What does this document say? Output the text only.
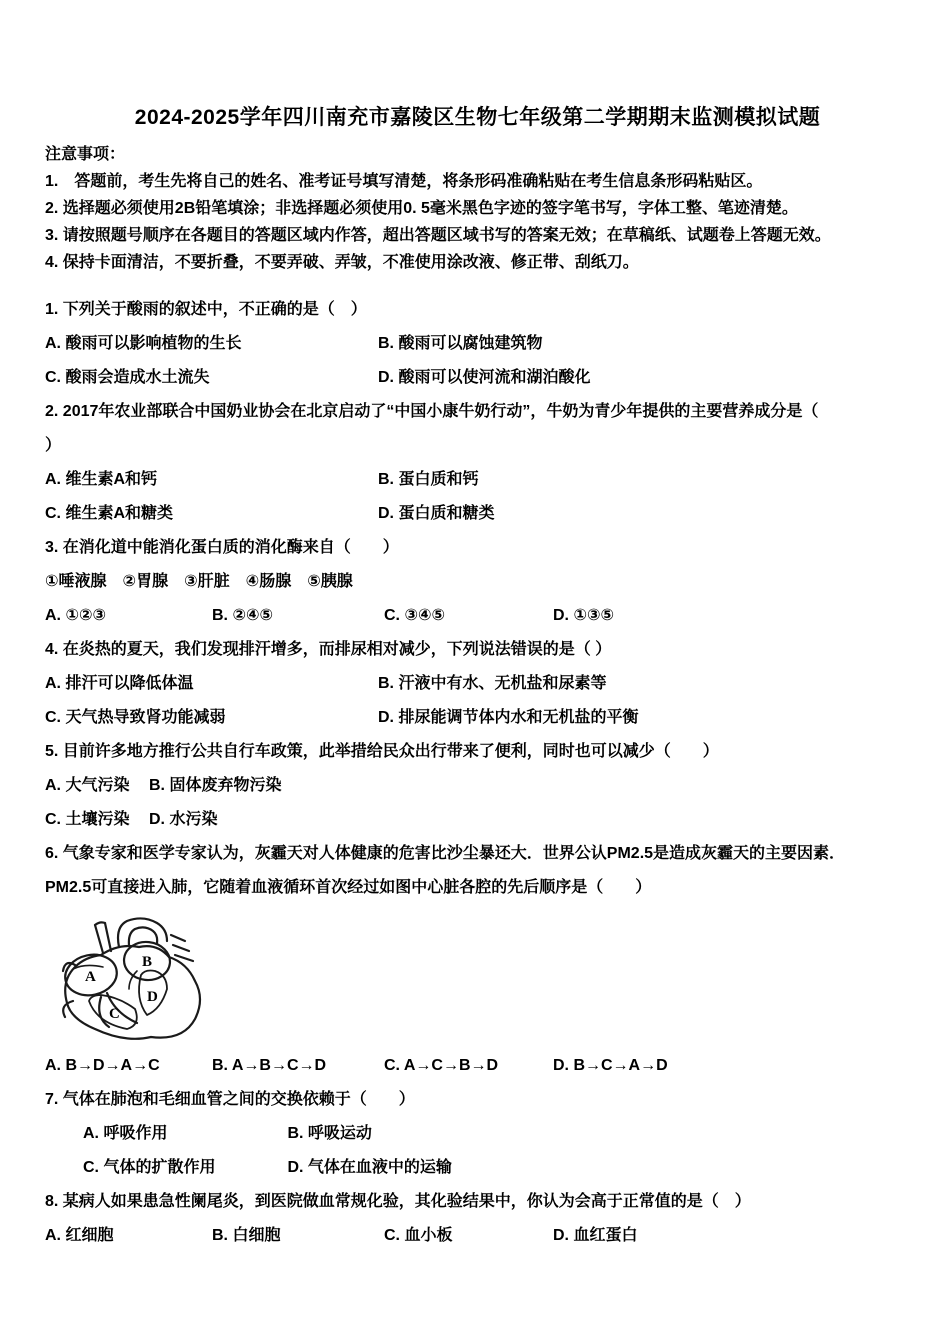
2024-2025学年四川南充市嘉陵区生物七年级第二学期期末监测模拟试题
注意事项：
1.　答题前，考生先将自己的姓名、准考证号填写清楚，将条形码准确粘贴在考生信息条形码粘贴区。
2. 选择题必须使用2B铅笔填涂；非选择题必须使用0. 5毫米黑色字迹的签字笔书写，字体工整、笔迹清楚。
3. 请按照题号顺序在各题目的答题区域内作答，超出答题区域书写的答案无效；在草稿纸、试题卷上答题无效。
4. 保持卡面清洁，不要折叠，不要弄破、弄皱，不准使用涂改液、修正带、刮纸刀。
1. 下列关于酸雨的叙述中，不正确的是（　）
A. 酸雨可以影响植物的生长	B. 酸雨可以腐蚀建筑物
C. 酸雨会造成水土流失	D. 酸雨可以使河流和湖泊酸化
2. 2017年农业部联合中国奶业协会在北京启动了“中国小康牛奶行动”，牛奶为青少年提供的主要营养成分是（
）
A. 维生素A和钙	B. 蛋白质和钙
C. 维生素A和糖类	D. 蛋白质和糖类
3. 在消化道中能消化蛋白质的消化酶来自（　　）
①唾液腺　②胃腺　③肝脏　④肠腺　⑤胰腺
A. ①②③	B. ②④⑤	C. ③④⑤	D. ①③⑤
4. 在炎热的夏天，我们发现排汗增多，而排尿相对减少，下列说法错误的是（ ）
A. 排汗可以降低体温	B. 汗液中有水、无机盐和尿素等
C. 天气热导致肾功能减弱	D. 排尿能调节体内水和无机盐的平衡
5. 目前许多地方推行公共自行车政策，此举措给民众出行带来了便利，同时也可以减少（　　）
A. 大气污染	B. 固体废弃物污染
C. 土壤污染	D. 水污染
6. 气象专家和医学专家认为，灰霾天对人体健康的危害比沙尘暴还大．世界公认PM2.5是造成灰霾天的主要因素．
PM2.5可直接进入肺，它随着血液循环首次经过如图中心脏各腔的先后顺序是（　　）
A
B
C
D
A. B→D→A→C	B. A→B→C→D	C. A→C→B→D	D. B→C→A→D
7. 气体在肺泡和毛细血管之间的交换依赖于（　　）
A. 呼吸作用	B. 呼吸运动
C. 气体的扩散作用	D. 气体在血液中的运输
8. 某病人如果患急性阑尾炎，到医院做血常规化验，其化验结果中，你认为会高于正常值的是（　）
A. 红细胞	B. 白细胞	C. 血小板	D. 血红蛋白
